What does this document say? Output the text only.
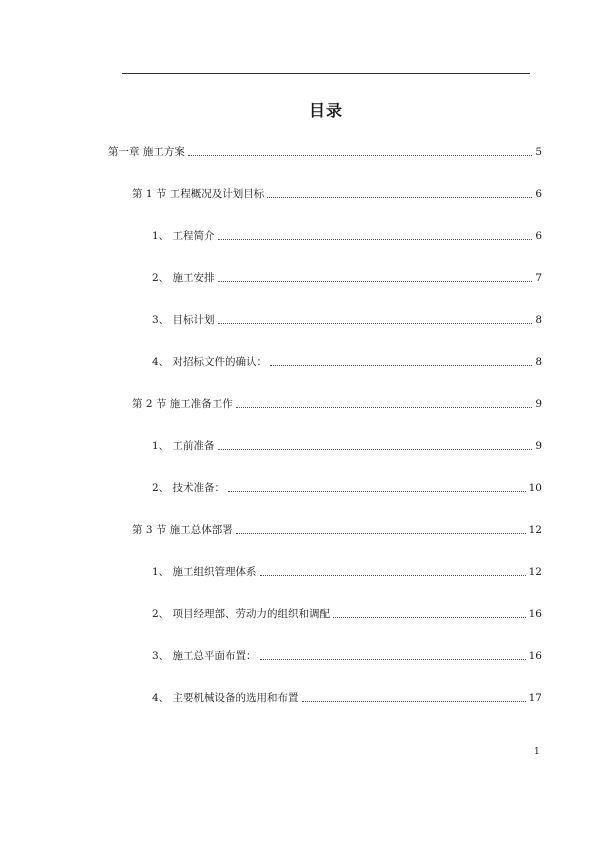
目录
第一章 施工方案	5
第 1 节 工程概况及计划目标	6
1、 工程简介	6
2、 施工安排	7
3、 目标计划	8
4、 对招标文件的确认：	8
第 2 节 施工准备工作	9
1、 工前准备	9
2、 技术准备：	10
第 3 节 施工总体部署	12
1、 施工组织管理体系	12
2、 项目经理部、劳动力的组织和调配	16
3、 施工总平面布置：	16
4、 主要机械设备的选用和布置	17
1
